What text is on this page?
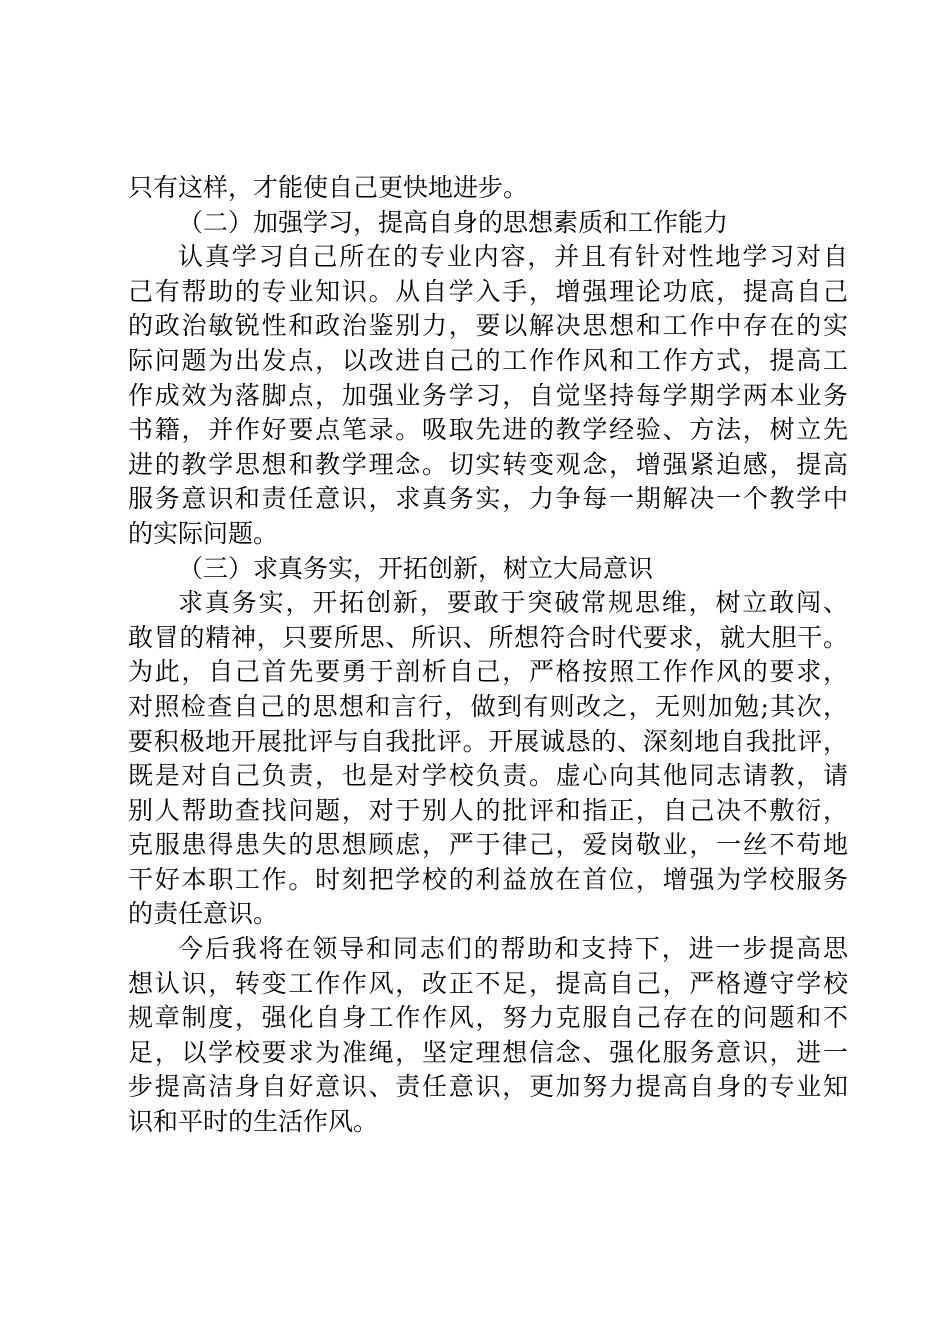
只有这样，才能使自己更快地进步。
（二）加强学习，提高自身的思想素质和工作能力
认真学习自己所在的专业内容，并且有针对性地学习对自
己有帮助的专业知识。从自学入手，增强理论功底，提高自己
的政治敏锐性和政治鉴别力，要以解决思想和工作中存在的实
际问题为出发点，以改进自己的工作作风和工作方式，提高工
作成效为落脚点，加强业务学习，自觉坚持每学期学两本业务
书籍，并作好要点笔录。吸取先进的教学经验、方法，树立先
进的教学思想和教学理念。切实转变观念，增强紧迫感，提高
服务意识和责任意识，求真务实，力争每一期解决一个教学中
的实际问题。
（三）求真务实，开拓创新，树立大局意识
求真务实，开拓创新，要敢于突破常规思维，树立敢闯、
敢冒的精神，只要所思、所识、所想符合时代要求，就大胆干。
为此，自己首先要勇于剖析自己，严格按照工作作风的要求，
对照检查自己的思想和言行，做到有则改之，无则加勉;其次，
要积极地开展批评与自我批评。开展诚恳的、深刻地自我批评，
既是对自己负责，也是对学校负责。虚心向其他同志请教，请
别人帮助查找问题，对于别人的批评和指正，自己决不敷衍，
克服患得患失的思想顾虑，严于律己，爱岗敬业，一丝不苟地
干好本职工作。时刻把学校的利益放在首位，增强为学校服务
的责任意识。
今后我将在领导和同志们的帮助和支持下，进一步提高思
想认识，转变工作作风，改正不足，提高自己，严格遵守学校
规章制度，强化自身工作作风，努力克服自己存在的问题和不
足，以学校要求为准绳，坚定理想信念、强化服务意识，进一
步提高洁身自好意识、责任意识，更加努力提高自身的专业知
识和平时的生活作风。
